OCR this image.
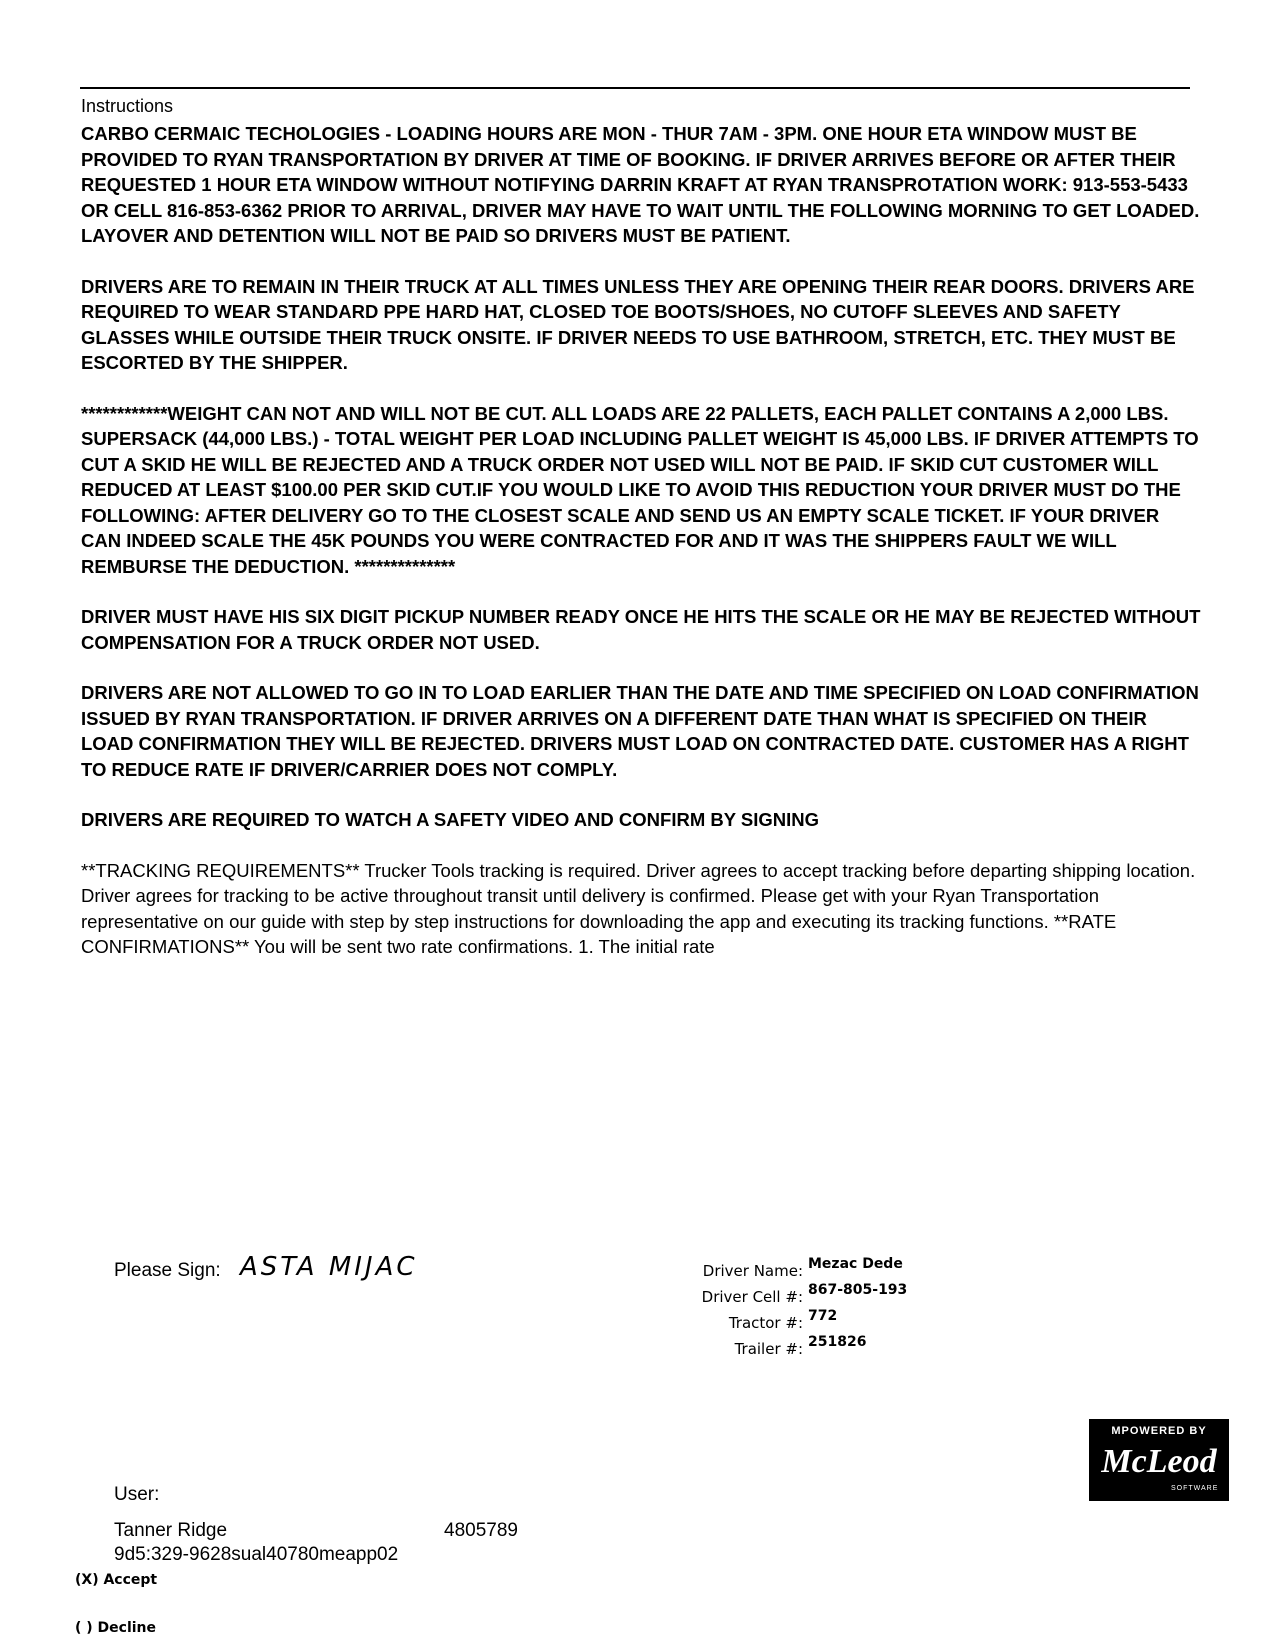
Instructions

CARBO CERMAIC TECHOLOGIES - LOADING HOURS ARE MON - THUR 7AM - 3PM. ONE HOUR ETA WINDOW MUST BE PROVIDED TO RYAN TRANSPORTATION BY DRIVER AT TIME OF BOOKING. IF DRIVER ARRIVES BEFORE OR AFTER THEIR REQUESTED 1 HOUR ETA WINDOW WITHOUT NOTIFYING DARRIN KRAFT AT RYAN TRANSPROTATION WORK: 913-553-5433 OR CELL 816-853-6362 PRIOR TO ARRIVAL, DRIVER MAY HAVE TO WAIT UNTIL THE FOLLOWING MORNING TO GET LOADED. LAYOVER AND DETENTION WILL NOT BE PAID SO DRIVERS MUST BE PATIENT.

DRIVERS ARE TO REMAIN IN THEIR TRUCK AT ALL TIMES UNLESS THEY ARE OPENING THEIR REAR DOORS. DRIVERS ARE REQUIRED TO WEAR STANDARD PPE HARD HAT, CLOSED TOE BOOTS/SHOES, NO CUTOFF SLEEVES AND SAFETY GLASSES WHILE OUTSIDE THEIR TRUCK ONSITE. IF DRIVER NEEDS TO USE BATHROOM, STRETCH, ETC. THEY MUST BE ESCORTED BY THE SHIPPER.

************WEIGHT CAN NOT AND WILL NOT BE CUT. ALL LOADS ARE 22 PALLETS, EACH PALLET CONTAINS A 2,000 LBS. SUPERSACK (44,000 LBS.) - TOTAL WEIGHT PER LOAD INCLUDING PALLET WEIGHT IS 45,000 LBS. IF DRIVER ATTEMPTS TO CUT A SKID HE WILL BE REJECTED AND A TRUCK ORDER NOT USED WILL NOT BE PAID. IF SKID CUT CUSTOMER WILL REDUCED AT LEAST $100.00 PER SKID CUT.IF YOU WOULD LIKE TO AVOID THIS REDUCTION YOUR DRIVER MUST DO THE FOLLOWING: AFTER DELIVERY GO TO THE CLOSEST SCALE AND SEND US AN EMPTY SCALE TICKET. IF YOUR DRIVER CAN INDEED SCALE THE 45K POUNDS YOU WERE CONTRACTED FOR AND IT WAS THE SHIPPERS FAULT WE WILL REMBURSE THE DEDUCTION. **************

DRIVER MUST HAVE HIS SIX DIGIT PICKUP NUMBER READY ONCE HE HITS THE SCALE OR HE MAY BE REJECTED WITHOUT COMPENSATION FOR A TRUCK ORDER NOT USED.

DRIVERS ARE NOT ALLOWED TO GO IN TO LOAD EARLIER THAN THE DATE AND TIME SPECIFIED ON LOAD CONFIRMATION ISSUED BY RYAN TRANSPORTATION. IF DRIVER ARRIVES ON A DIFFERENT DATE THAN WHAT IS SPECIFIED ON THEIR LOAD CONFIRMATION THEY WILL BE REJECTED. DRIVERS MUST LOAD ON CONTRACTED DATE. CUSTOMER HAS A RIGHT TO REDUCE RATE IF DRIVER/CARRIER DOES NOT COMPLY.

DRIVERS ARE REQUIRED TO WATCH A SAFETY VIDEO AND CONFIRM BY SIGNING

**TRACKING REQUIREMENTS** Trucker Tools tracking is required. Driver agrees to accept tracking before departing shipping location. Driver agrees for tracking to be active throughout transit until delivery is confirmed. Please get with your Ryan Transportation representative on our guide with step by step instructions for downloading the app and executing its tracking functions. **RATE CONFIRMATIONS** You will be sent two rate confirmations. 1. The initial rate

Please Sign: ASTA MIJAC	Driver Name: Mezac Dede
Driver Cell #: 867-805-193
Tractor #: 772
Trailer #: 251826
MPOWERED BY
McLeod
SOFTWARE
User:
Tanner Ridge	4805789
9d5:329-9628sual40780meapp02
(X) Accept
( ) Decline
